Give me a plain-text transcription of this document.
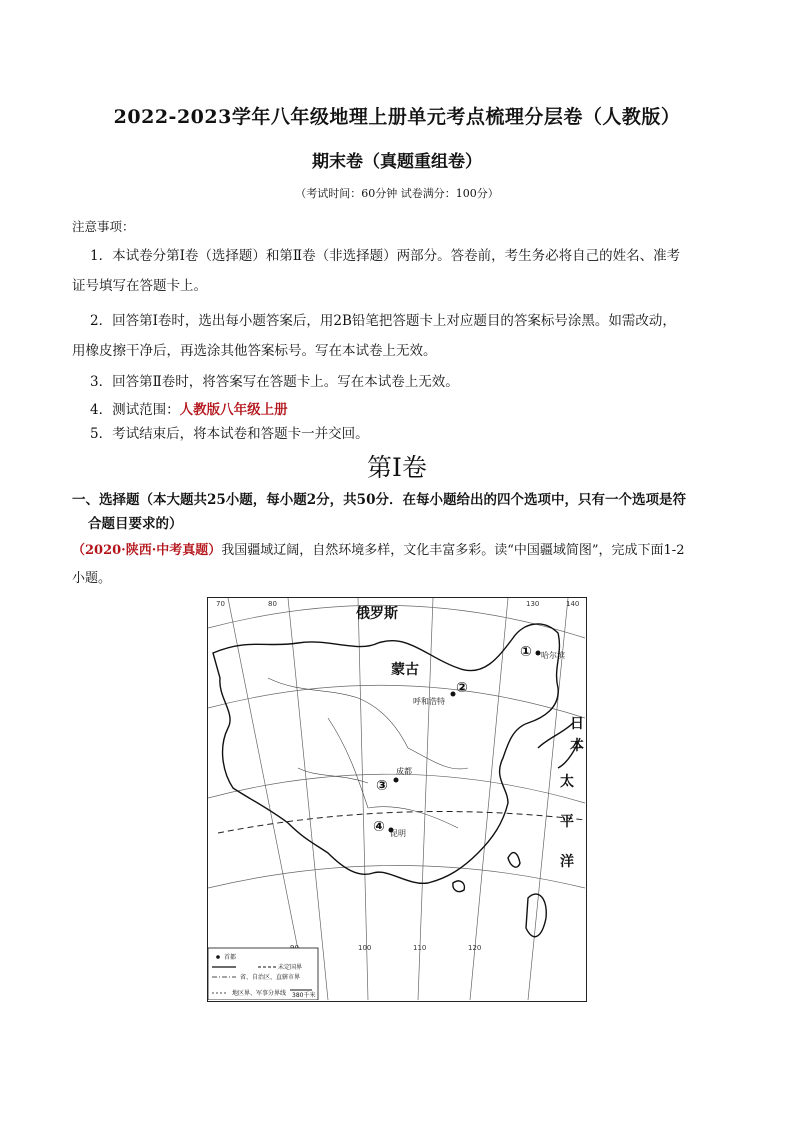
2022-2023学年八年级地理上册单元考点梳理分层卷（人教版）
期末卷（真题重组卷）
（考试时间：60分钟 试卷满分：100分）
注意事项：
1．本试卷分第Ⅰ卷（选择题）和第Ⅱ卷（非选择题）两部分。答卷前，考生务必将自己的姓名、准考
证号填写在答题卡上。
2．回答第Ⅰ卷时，选出每小题答案后，用2B铅笔把答题卡上对应题目的答案标号涂黑。如需改动，
用橡皮擦干净后，再选涂其他答案标号。写在本试卷上无效。
3．回答第Ⅱ卷时，将答案写在答题卡上。写在本试卷上无效。
4．测试范围：人教版八年级上册
5．考试结束后，将本试卷和答题卡一并交回。
第Ⅰ卷
一、选择题（本大题共25小题，每小题2分，共50分．在每小题给出的四个选项中，只有一个选项是符
合题目要求的）
（2020·陕西·中考真题）我国疆域辽阔，自然环境多样，文化丰富多彩。读“中国疆域简图”，完成下面1-2
小题。
70	80	130	140
100	110	120
俄罗斯
蒙古
日
本
太
平
洋
哈尔滨
①
呼和浩特
②
成都
③
昆明
④
首都
未定国界
省、自治区、直辖市界
地区界、军事分界线 380千米
